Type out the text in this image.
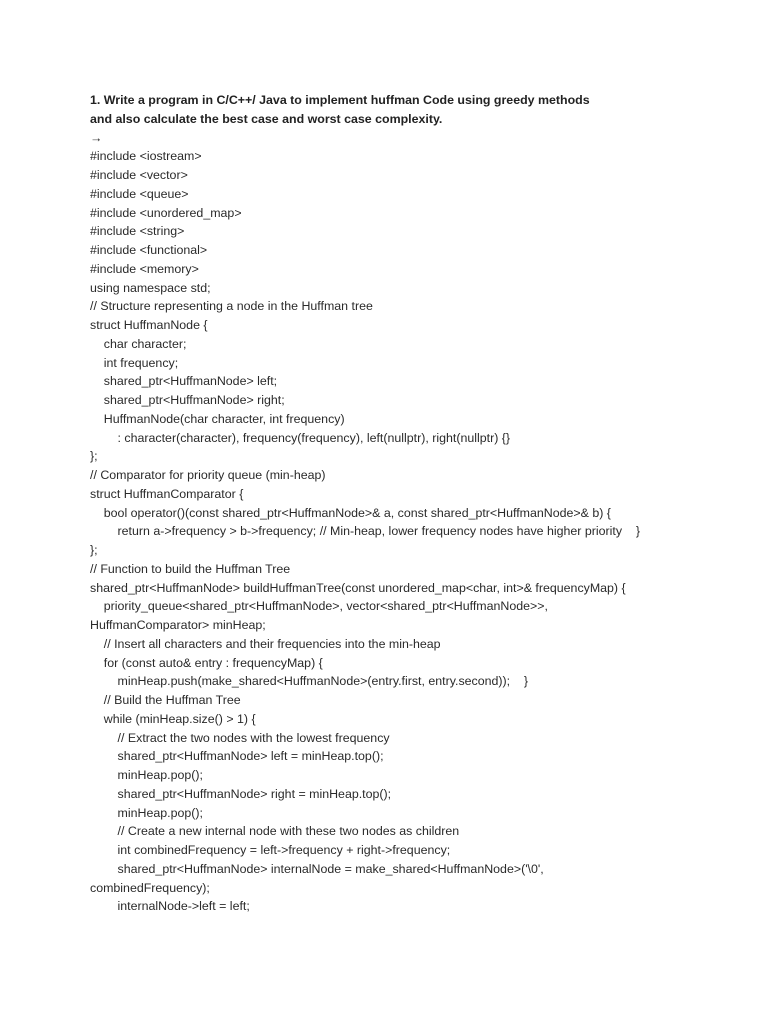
1. Write a program in C/C++/ Java to implement huffman Code using greedy methods
and also calculate the best case and worst case complexity.
→
#include <iostream>
#include <vector>
#include <queue>
#include <unordered_map>
#include <string>
#include <functional>
#include <memory>
using namespace std;
// Structure representing a node in the Huffman tree
struct HuffmanNode {
char character;
int frequency;
shared_ptr<HuffmanNode> left;
shared_ptr<HuffmanNode> right;
HuffmanNode(char character, int frequency)
: character(character), frequency(frequency), left(nullptr), right(nullptr) {}
};
// Comparator for priority queue (min-heap)
struct HuffmanComparator {
bool operator()(const shared_ptr<HuffmanNode>& a, const shared_ptr<HuffmanNode>& b) {
return a->frequency > b->frequency; // Min-heap, lower frequency nodes have higher priority    }
};
// Function to build the Huffman Tree
shared_ptr<HuffmanNode> buildHuffmanTree(const unordered_map<char, int>& frequencyMap) {
priority_queue<shared_ptr<HuffmanNode>, vector<shared_ptr<HuffmanNode>>,
HuffmanComparator> minHeap;
// Insert all characters and their frequencies into the min-heap
for (const auto& entry : frequencyMap) {
minHeap.push(make_shared<HuffmanNode>(entry.first, entry.second));    }
// Build the Huffman Tree
while (minHeap.size() > 1) {
// Extract the two nodes with the lowest frequency
shared_ptr<HuffmanNode> left = minHeap.top();
minHeap.pop();
shared_ptr<HuffmanNode> right = minHeap.top();
minHeap.pop();
// Create a new internal node with these two nodes as children
int combinedFrequency = left->frequency + right->frequency;
shared_ptr<HuffmanNode> internalNode = make_shared<HuffmanNode>('\0',
combinedFrequency);
internalNode->left = left;
